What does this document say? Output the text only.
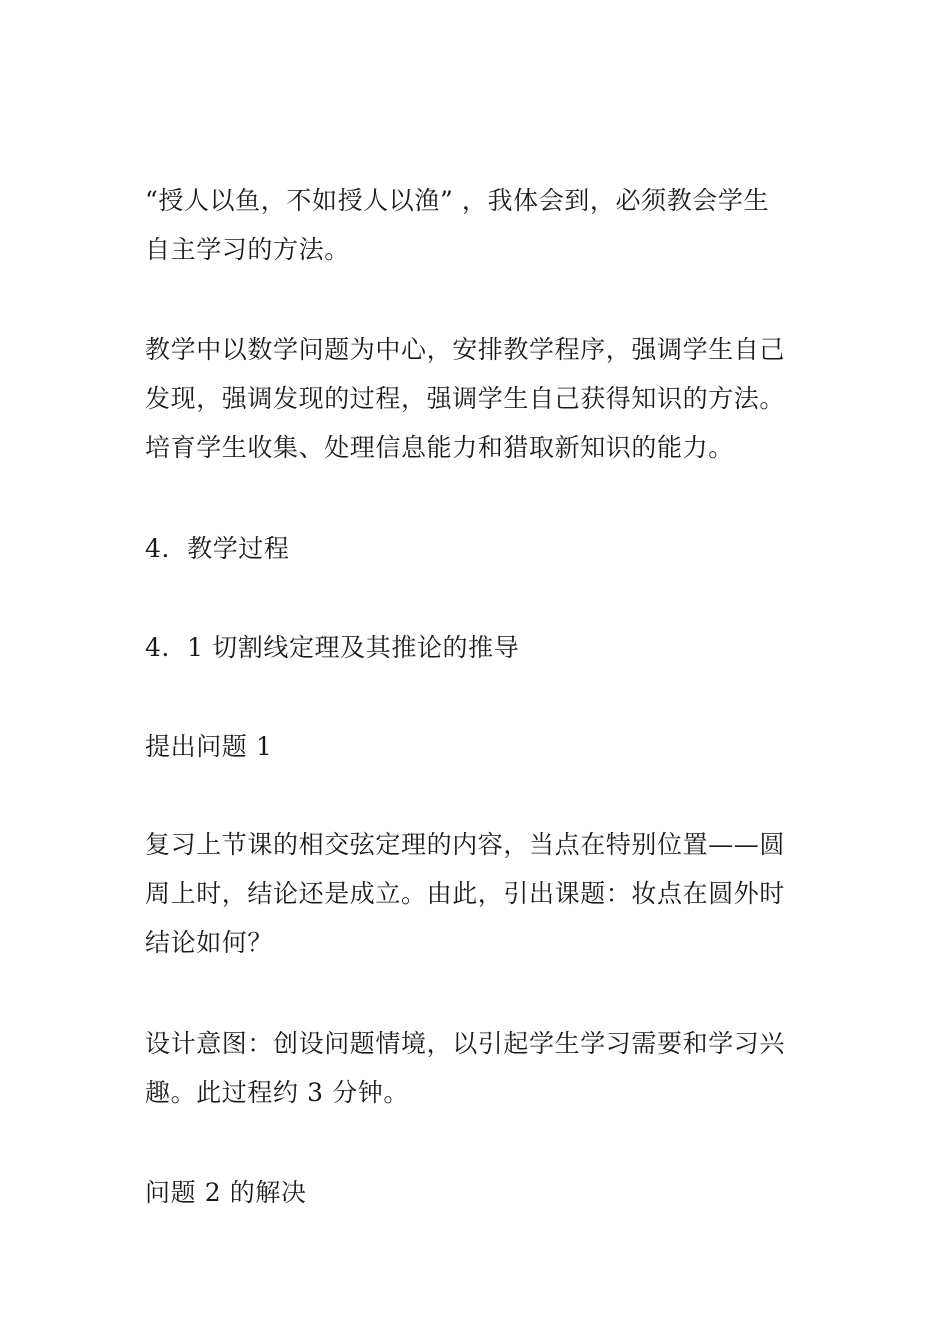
“授人以鱼，不如授人以渔” ，我体会到，必须教会学生
自主学习的方法。

教学中以数学问题为中心，安排教学程序，强调学生自己
发现，强调发现的过程，强调学生自己获得知识的方法。
培育学生收集、处理信息能力和猎取新知识的能力。

4．教学过程

4．1 切割线定理及其推论的推导

提出问题 1

复习上节课的相交弦定理的内容，当点在特别位置——圆
周上时，结论还是成立。由此，引出课题：妆点在圆外时
结论如何？

设计意图：创设问题情境，以引起学生学习需要和学习兴
趣。此过程约 3 分钟。

问题 2 的解决
